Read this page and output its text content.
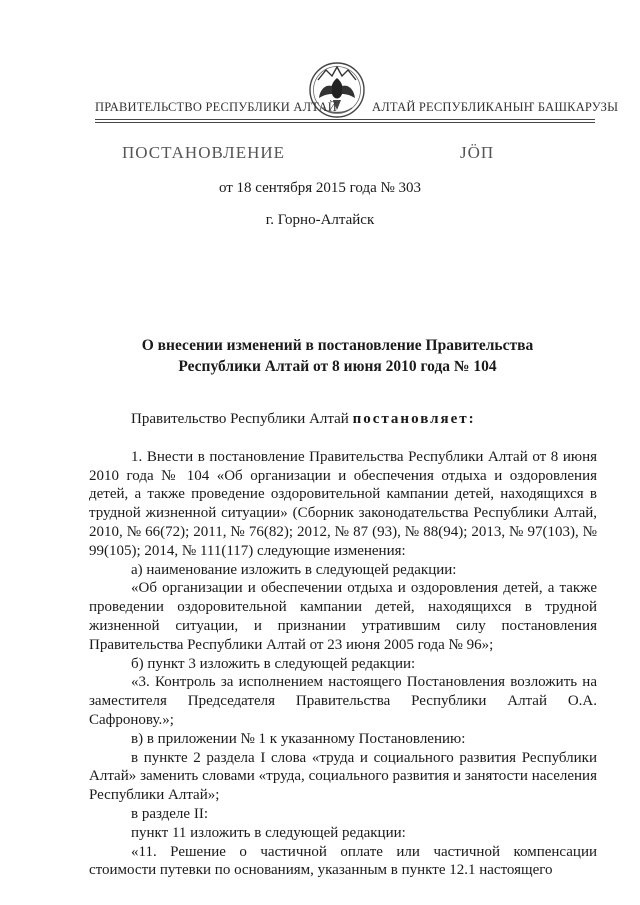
ПРАВИТЕЛЬСТВО РЕСПУБЛИКИ АЛТАЙ	АЛТАЙ РЕСПУБЛИКАНЫҤ БАШКАРУЗЫ
ПОСТАНОВЛЕНИЕ	JÖП
от 18 сентября 2015 года № 303
г. Горно-Алтайск
О внесении изменений в постановление Правительства
Республики Алтай от 8 июня 2010 года № 104

Правительство Республики Алтай постановляет:

1. Внести в постановление Правительства Республики Алтай от 8 июня 2010 года № 104 «Об организации и обеспечения отдыха и оздоровления детей, а также проведение оздоровительной кампании детей, находящихся в трудной жизненной ситуации» (Сборник законодательства Республики Алтай, 2010, № 66(72); 2011, № 76(82); 2012, № 87 (93), № 88(94); 2013, № 97(103), № 99(105); 2014, № 111(117) следующие изменения:

а) наименование изложить в следующей редакции:

«Об организации и обеспечении отдыха и оздоровления детей, а также проведении оздоровительной кампании детей, находящихся в трудной жизненной ситуации, и признании утратившим силу постановления Правительства Республики Алтай от 23 июня 2005 года № 96»;

б) пункт 3 изложить в следующей редакции:

«3. Контроль за исполнением настоящего Постановления возложить на заместителя Председателя Правительства Республики Алтай О.А. Сафронову.»;

в) в приложении № 1 к указанному Постановлению:

в пункте 2 раздела I слова «труда и социального развития Республики Алтай» заменить словами «труда, социального развития и занятости населения Республики Алтай»;

в разделе II:

пункт 11 изложить в следующей редакции:

«11. Решение о частичной оплате или частичной компенсации стоимости путевки по основаниям, указанным в пункте 12.1 настоящего
